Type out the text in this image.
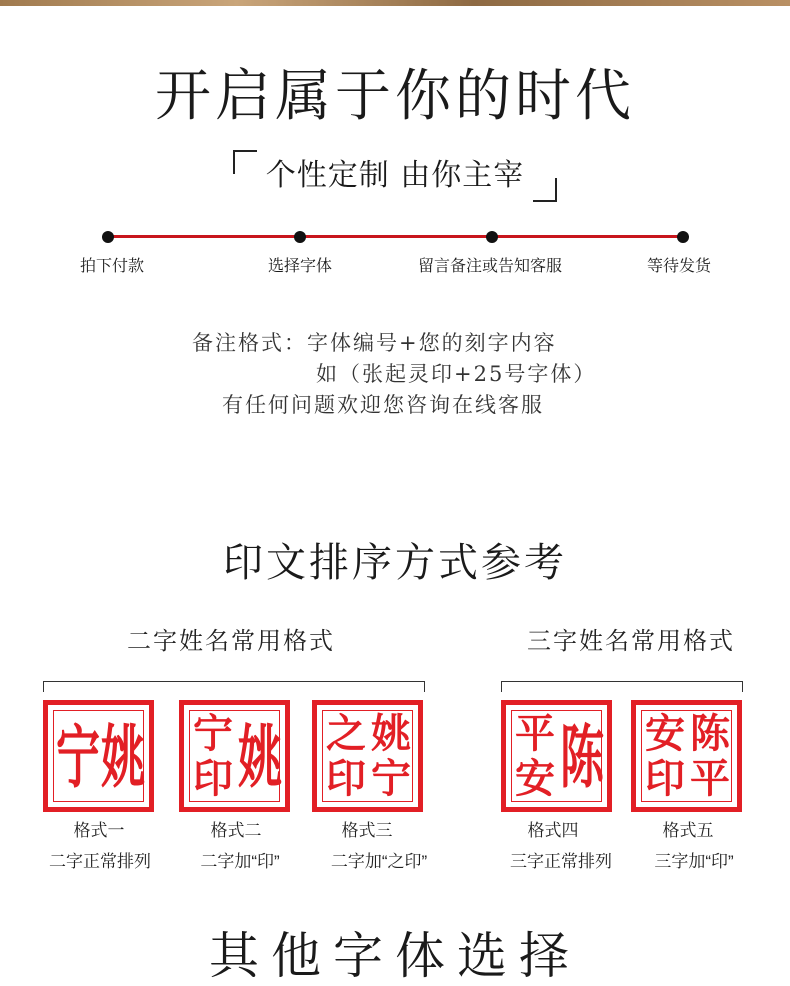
开启属于你的时代
个性定制 由你主宰
拍下付款	选择字体	留言备注或告知客服	等待发货
备注格式：字体编号+您的刻字内容
如（张起灵印+25号字体）
有任何问题欢迎您咨询在线客服
印文排序方式参考
二字姓名常用格式	三字姓名常用格式
宁 姚 宁
印 姚 之
印
姚
宁
平
安 陈 安
印
陈
平
格式一
二字正常排列
格式二
二字加“印”
格式三
二字加“之印”
格式四
三字正常排列
格式五
三字加“印”
其他字体选择
